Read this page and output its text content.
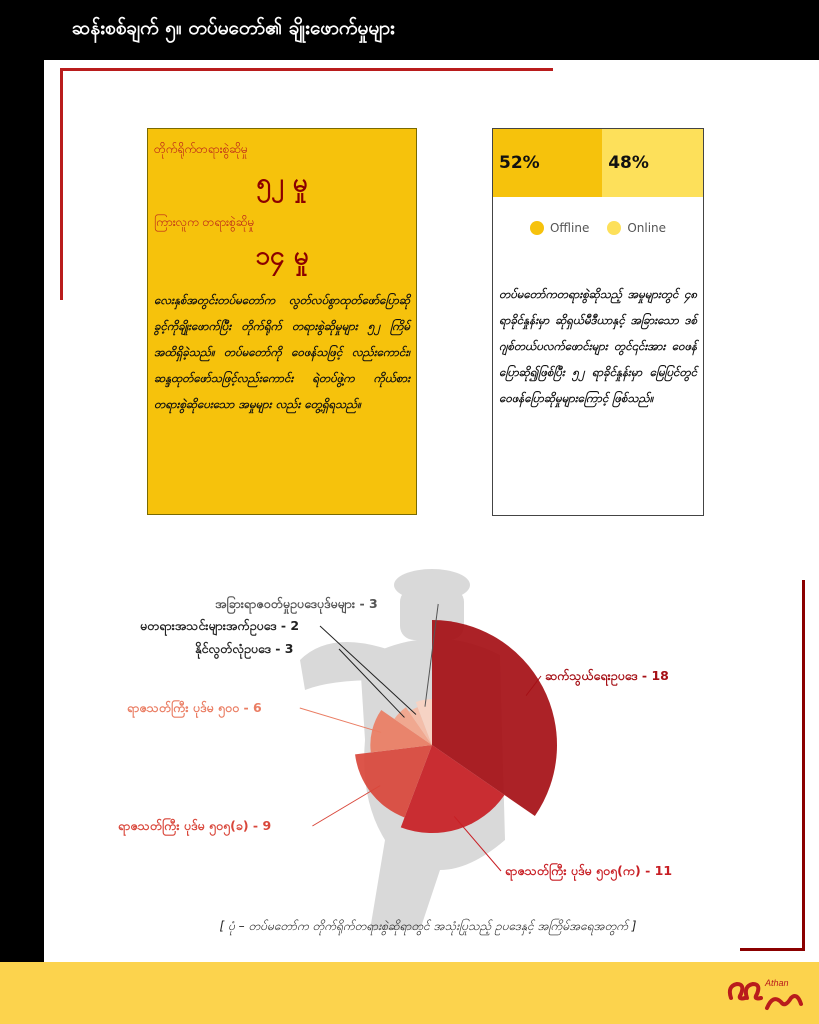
ဆန်းစစ်ချက် ၅။ တပ်မတော်၏ ချိုးဖောက်မှုများ
တိုက်ရိုက်တရားစွဲဆိုမှု
၅၂ မှု
ကြားလူက တရားစွဲဆိုမှု
၁၄ မှု
လေးနှစ်အတွင်းတပ်မတော်က လွတ်လပ်စွာထုတ်ဖော်ပြောဆိုခွင့်ကိုချိုးဖောက်ပြီး တိုက်ရိုက် တရားစွဲဆိုမှုများ ၅၂ ကြိမ် အထိရှိခဲ့သည်။ တပ်မတော်ကို ဝေဖန်သဖြင့် လည်းကောင်း၊ဆန္ဒထုတ်ဖော်သဖြင့်လည်းကောင်း ရဲတပ်ဖွဲ့က ကိုယ်စား တရားစွဲဆိုပေးသော အမှုများ လည်း တွေ့ရှိရသည်။
52%	48%
Offline	Online
တပ်မတော်ကတရားစွဲဆိုသည့် အမှုများတွင် ၄၈ ရာခိုင်နှုန်းမှာ ဆိုရှယ်မီဒီယာနှင့် အခြားသော ဒစ်ဂျစ်တယ်ပလက်ဖောင်းများ တွင်၎င်းအား ဝေဖန်ပြောဆို၍ဖြစ်ပြီး ၅၂ ရာခိုင်နှုန်းမှာ မြေပြင်တွင် ဝေဖန်ပြောဆိုမှုများကြောင့် ဖြစ်သည်။
ဆက်သွယ်ရေးဥပဒေ - 18
ရာဇသတ်ကြီး ပုဒ်မ ၅၀၅(က) - 11
ရာဇသတ်ကြီး ပုဒ်မ ၅၀၅(ခ) - 9
ရာဇသတ်ကြီး ပုဒ်မ ၅၀၀ - 6
နိုင်လွတ်လုံဥပဒေ - 3
မတရားအသင်းများအက်ဥပဒေ - 2
အခြားရာဇဝတ်မှုဥပဒေပုဒ်မများ - 3
[ ပုံ – တပ်မတော်က တိုက်ရိုက်တရားစွဲဆိုရာတွင် အသုံးပြုသည့် ဥပဒေနှင့် အကြိမ်အရေအတွက် ]
Athan
